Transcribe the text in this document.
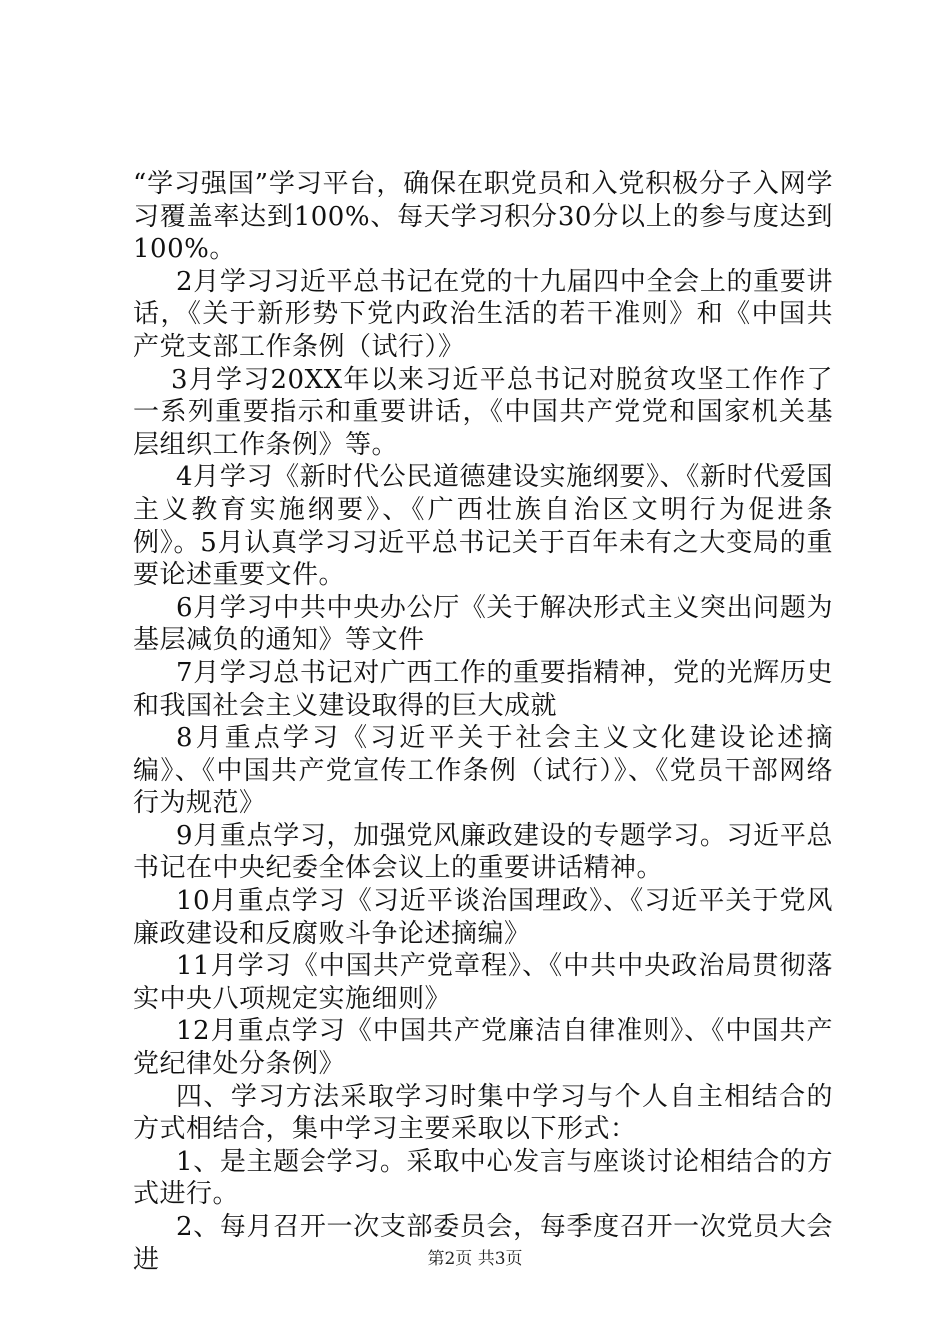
“学习强国”学习平台，确保在职党员和入党积极分子入网学习覆盖率达到100%、每天学习积分30分以上的参与度达到100%。

2月学习习近平总书记在党的十九届四中全会上的重要讲话，《关于新形势下党内政治生活的若干准则》和《中国共产党支部工作条例（试行）》

3月学习20XX年以来习近平总书记对脱贫攻坚工作作了一系列重要指示和重要讲话，《中国共产党党和国家机关基层组织工作条例》等。

4月学习《新时代公民道德建设实施纲要》、《新时代爱国主义教育实施纲要》、《广西壮族自治区文明行为促进条例》。5月认真学习习近平总书记关于百年未有之大变局的重要论述重要文件。

6月学习中共中央办公厅《关于解决形式主义突出问题为基层减负的通知》等文件

7月学习总书记对广西工作的重要指精神，党的光辉历史和我国社会主义建设取得的巨大成就

8月重点学习《习近平关于社会主义文化建设论述摘编》、《中国共产党宣传工作条例（试行）》、《党员干部网络行为规范》

9月重点学习，加强党风廉政建设的专题学习。习近平总书记在中央纪委全体会议上的重要讲话精神。

10月重点学习《习近平谈治国理政》、《习近平关于党风廉政建设和反腐败斗争论述摘编》

11月学习《中国共产党章程》、《中共中央政治局贯彻落实中央八项规定实施细则》

12月重点学习《中国共产党廉洁自律准则》、《中国共产党纪律处分条例》

四、学习方法采取学习时集中学习与个人自主相结合的方式相结合，集中学习主要采取以下形式：

1、是主题会学习。采取中心发言与座谈讨论相结合的方式进行。

2、每月召开一次支部委员会，每季度召开一次党员大会进	第2页 共3页
